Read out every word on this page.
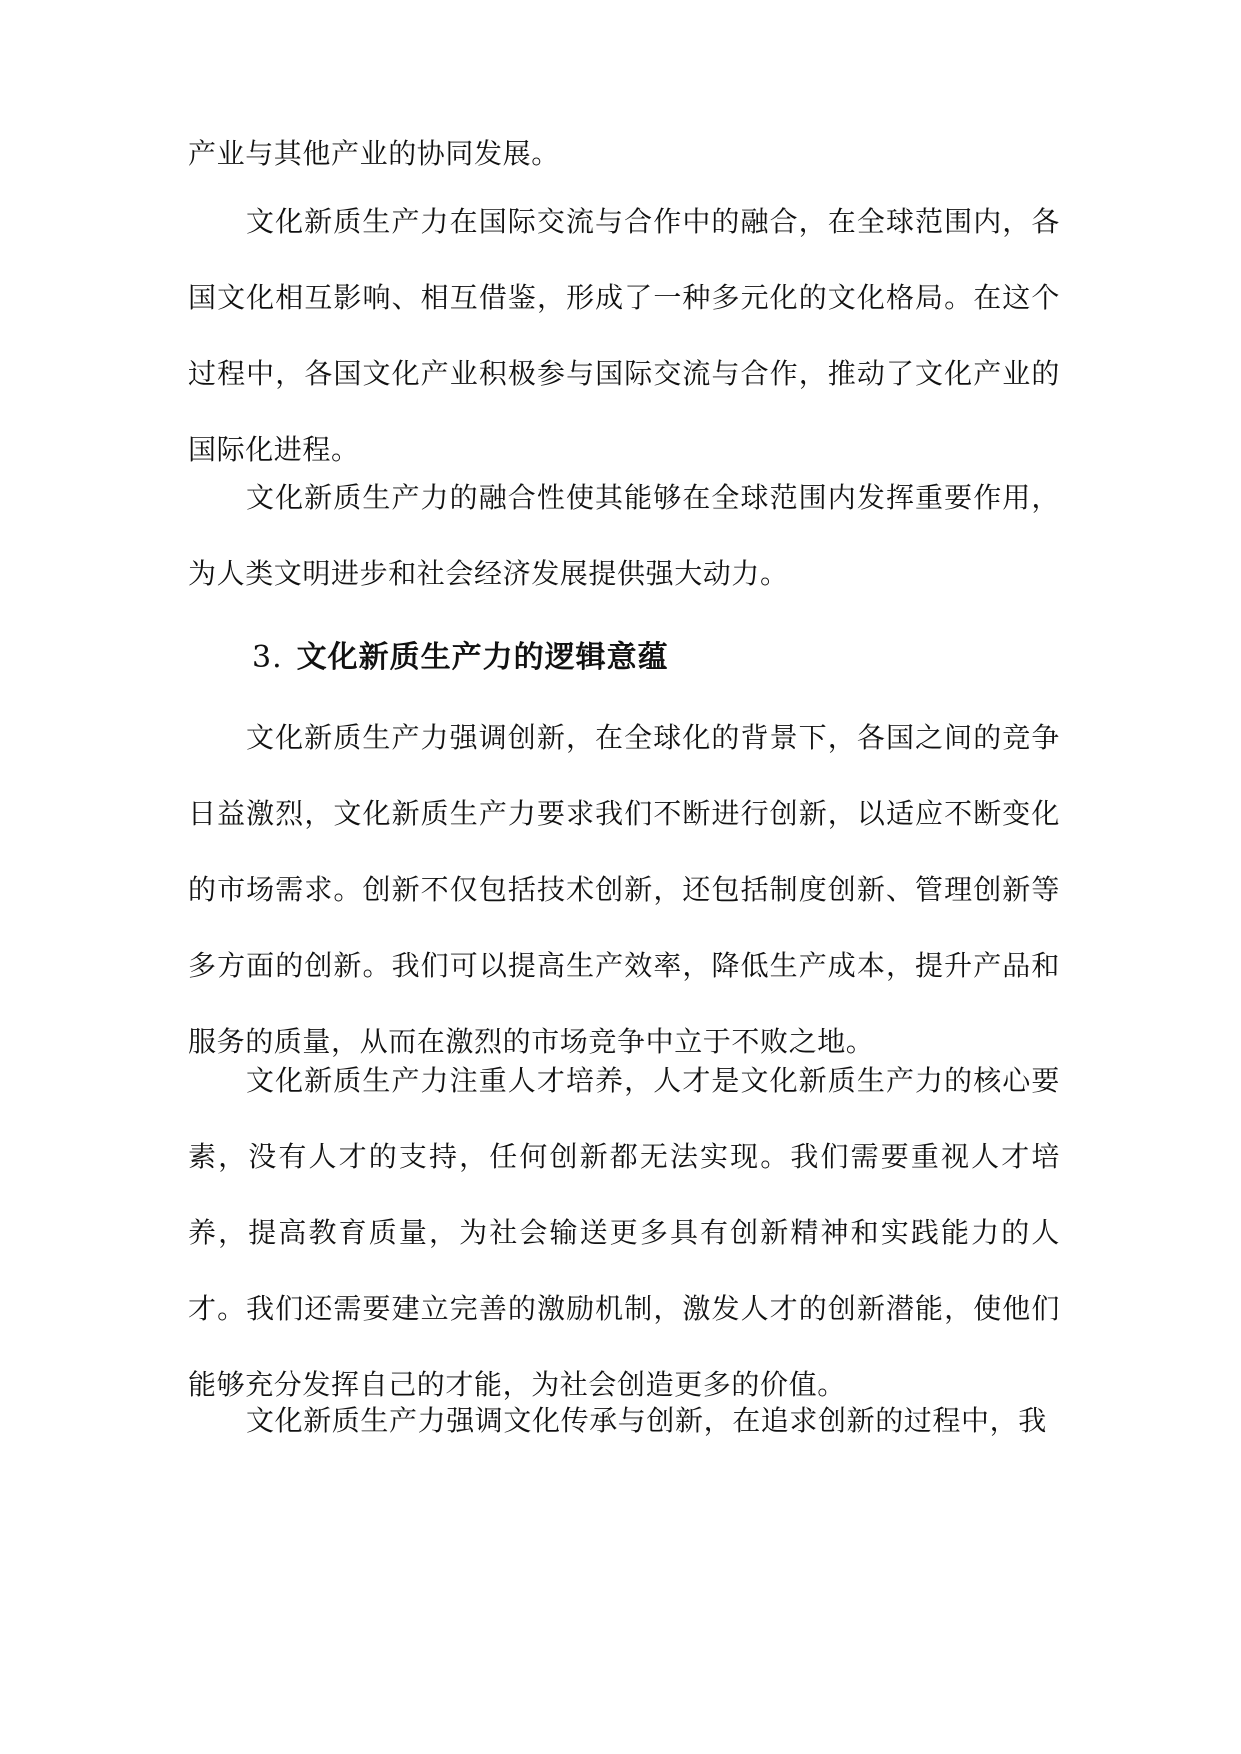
产业与其他产业的协同发展。

文化新质生产力在国际交流与合作中的融合，在全球范围内，各国文化相互影响、相互借鉴，形成了一种多元化的文化格局。在这个过程中，各国文化产业积极参与国际交流与合作，推动了文化产业的国际化进程。

文化新质生产力的融合性使其能够在全球范围内发挥重要作用，为人类文明进步和社会经济发展提供强大动力。

3. 文化新质生产力的逻辑意蕴

文化新质生产力强调创新，在全球化的背景下，各国之间的竞争日益激烈，文化新质生产力要求我们不断进行创新，以适应不断变化的市场需求。创新不仅包括技术创新，还包括制度创新、管理创新等多方面的创新。我们可以提高生产效率，降低生产成本，提升产品和服务的质量，从而在激烈的市场竞争中立于不败之地。

文化新质生产力注重人才培养，人才是文化新质生产力的核心要素，没有人才的支持，任何创新都无法实现。我们需要重视人才培养，提高教育质量，为社会输送更多具有创新精神和实践能力的人才。我们还需要建立完善的激励机制，激发人才的创新潜能，使他们能够充分发挥自己的才能，为社会创造更多的价值。

文化新质生产力强调文化传承与创新，在追求创新的过程中，我
